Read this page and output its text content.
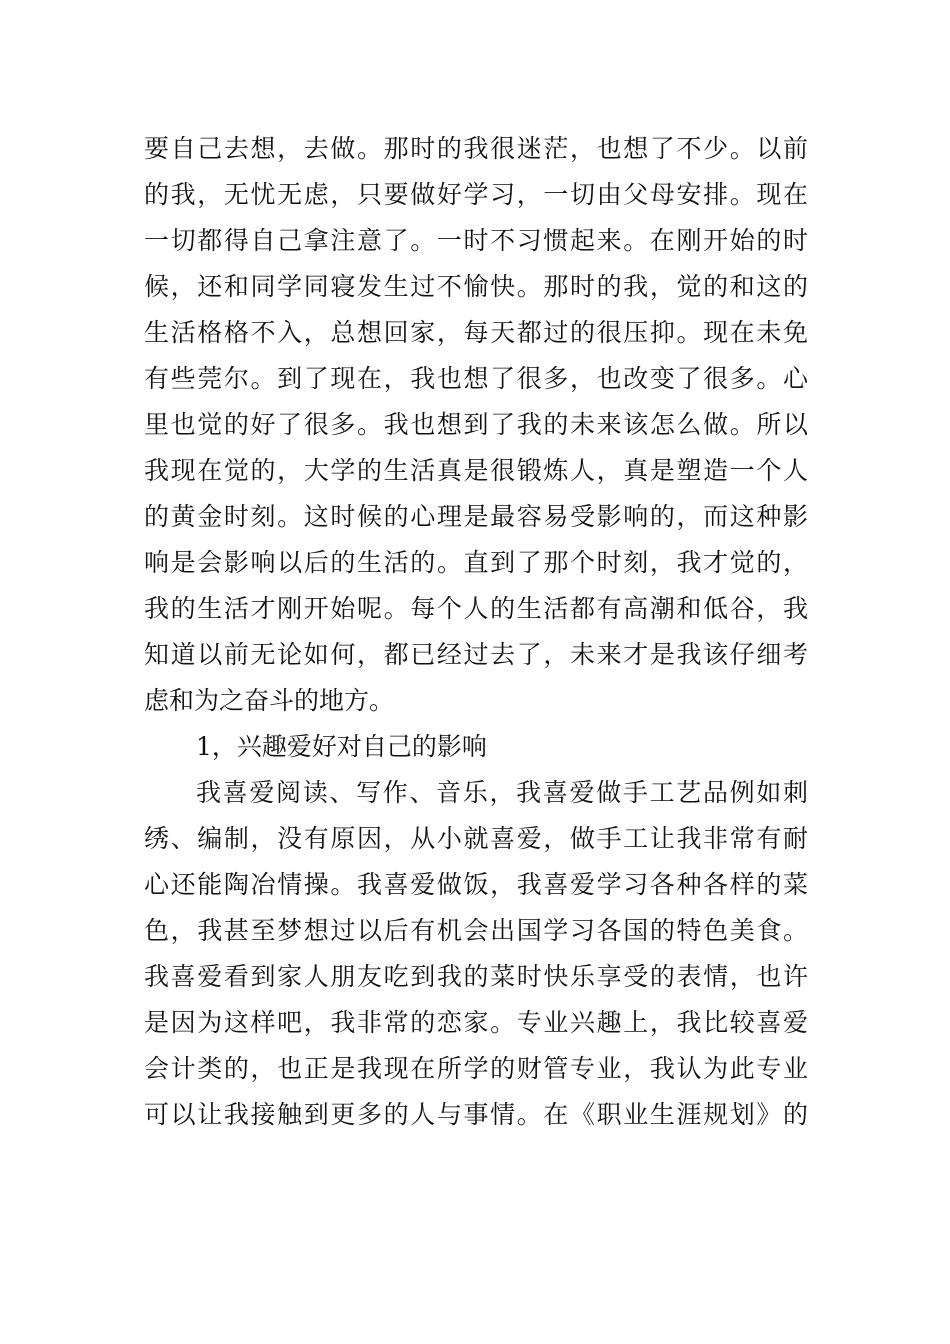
要自己去想，去做。那时的我很迷茫，也想了不少。以前
的我，无忧无虑，只要做好学习，一切由父母安排。现在
一切都得自己拿注意了。一时不习惯起来。在刚开始的时
候，还和同学同寝发生过不愉快。那时的我，觉的和这的
生活格格不入，总想回家，每天都过的很压抑。现在未免
有些莞尔。到了现在，我也想了很多，也改变了很多。心
里也觉的好了很多。我也想到了我的未来该怎么做。所以
我现在觉的，大学的生活真是很锻炼人，真是塑造一个人
的黄金时刻。这时候的心理是最容易受影响的，而这种影
响是会影响以后的生活的。直到了那个时刻，我才觉的，
我的生活才刚开始呢。每个人的生活都有高潮和低谷，我
知道以前无论如何，都已经过去了，未来才是我该仔细考
虑和为之奋斗的地方。
1，兴趣爱好对自己的影响
我喜爱阅读、写作、音乐，我喜爱做手工艺品例如刺
绣、编制，没有原因，从小就喜爱，做手工让我非常有耐
心还能陶冶情操。我喜爱做饭，我喜爱学习各种各样的菜
色，我甚至梦想过以后有机会出国学习各国的特色美食。
我喜爱看到家人朋友吃到我的菜时快乐享受的表情，也许
是因为这样吧，我非常的恋家。专业兴趣上，我比较喜爱
会计类的，也正是我现在所学的财管专业，我认为此专业
可以让我接触到更多的人与事情。在《职业生涯规划》的
